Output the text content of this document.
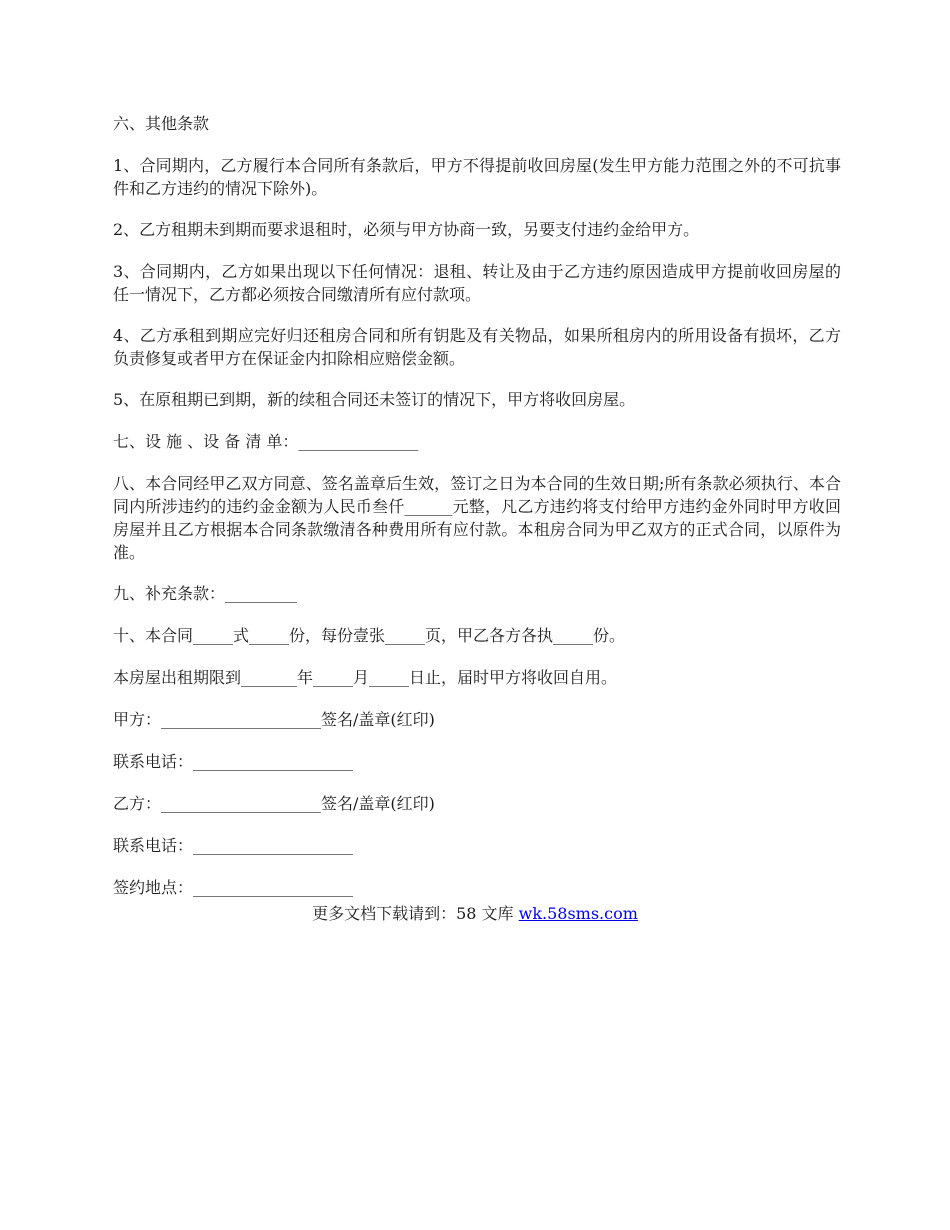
六、其他条款

1、合同期内，乙方履行本合同所有条款后，甲方不得提前收回房屋(发生甲方能力范围之外的不可抗事件和乙方违约的情况下除外)。

2、乙方租期未到期而要求退租时，必须与甲方协商一致，另要支付违约金给甲方。

3、合同期内，乙方如果出现以下任何情况：退租、转让及由于乙方违约原因造成甲方提前收回房屋的任一情况下，乙方都必须按合同缴清所有应付款项。

4、乙方承租到期应完好归还租房合同和所有钥匙及有关物品，如果所租房内的所用设备有损坏，乙方负责修复或者甲方在保证金内扣除相应赔偿金额。

5、在原租期已到期，新的续租合同还未签订的情况下，甲方将收回房屋。

七、设 施 、设 备 清 单：_______________

八、本合同经甲乙双方同意、签名盖章后生效，签订之日为本合同的生效日期;所有条款必须执行、本合同内所涉违约的违约金金额为人民币叁仟______元整，凡乙方违约将支付给甲方违约金外同时甲方收回房屋并且乙方根据本合同条款缴清各种费用所有应付款。本租房合同为甲乙双方的正式合同，以原件为准。

九、补充条款：_________

十、本合同_____式_____份，每份壹张_____页，甲乙各方各执_____份。

本房屋出租期限到_______年_____月_____日止，届时甲方将收回自用。

甲方：____________________签名/盖章(红印)

联系电话：____________________

乙方：____________________签名/盖章(红印)

联系电话：____________________

签约地点：____________________

更多文档下载请到：58 文库 wk.58sms.com
